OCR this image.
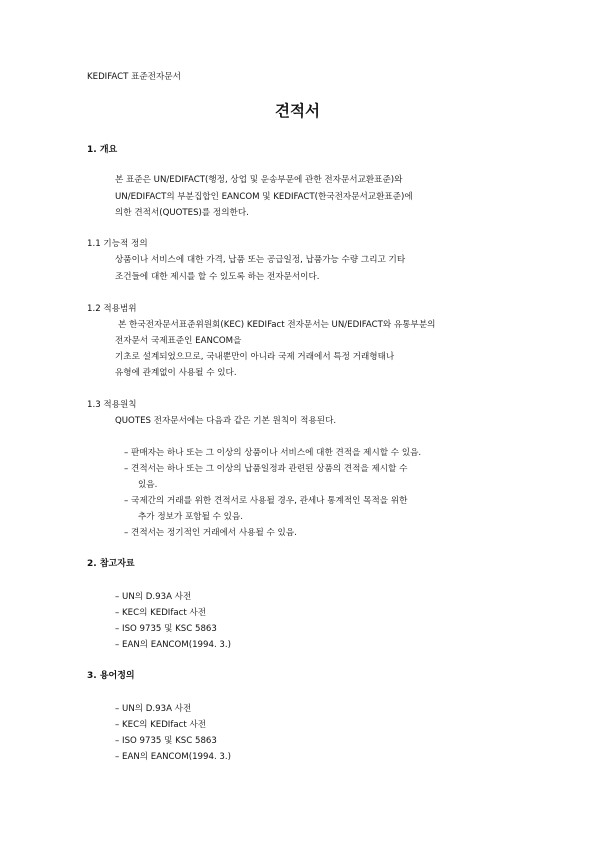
KEDIFACT 표준전자문서
견적서
1. 개요
본 표준은 UN/EDIFACT(행정, 상업 및 운송부문에 관한 전자문서교환표준)와
UN/EDIFACT의 부분집합인 EANCOM 및 KEDIFACT(한국전자문서교환표준)에
의한 견적서(QUOTES)를 정의한다.
1.1 기능적 정의
상품이나 서비스에 대한 가격, 납품 또는 공급일정, 납품가능 수량 그리고 기타
조건들에 대한 제시를 할 수 있도록 하는 전자문서이다.
1.2 적용범위
본 한국전자문서표준위원회(KEC) KEDIFact 전자문서는 UN/EDIFACT와 유통부분의
전자문서 국제표준인 EANCOM을
기초로 설계되었으므로, 국내뿐만이 아니라 국제 거래에서 특정 거래형태나
유형에 관계없이 사용될 수 있다.
1.3 적용원칙
QUOTES 전자문서에는 다음과 같은 기본 원칙이 적용된다.
– 판매자는 하나 또는 그 이상의 상품이나 서비스에 대한 견적을 제시할 수 있음.
– 견적서는 하나 또는 그 이상의 납품일정과 관련된 상품의 견적을 제시할 수
있음.
– 국제간의 거래를 위한 견적서로 사용될 경우, 관세나 통계적인 목적을 위한
추가 정보가 포함될 수 있음.
– 견적서는 정기적인 거래에서 사용될 수 있음.
2. 참고자료
– UN의 D.93A 사전
– KEC의 KEDIfact 사전
– ISO 9735 및 KSC 5863
– EAN의 EANCOM(1994. 3.)
3. 용어정의
– UN의 D.93A 사전
– KEC의 KEDIfact 사전
– ISO 9735 및 KSC 5863
– EAN의 EANCOM(1994. 3.)
